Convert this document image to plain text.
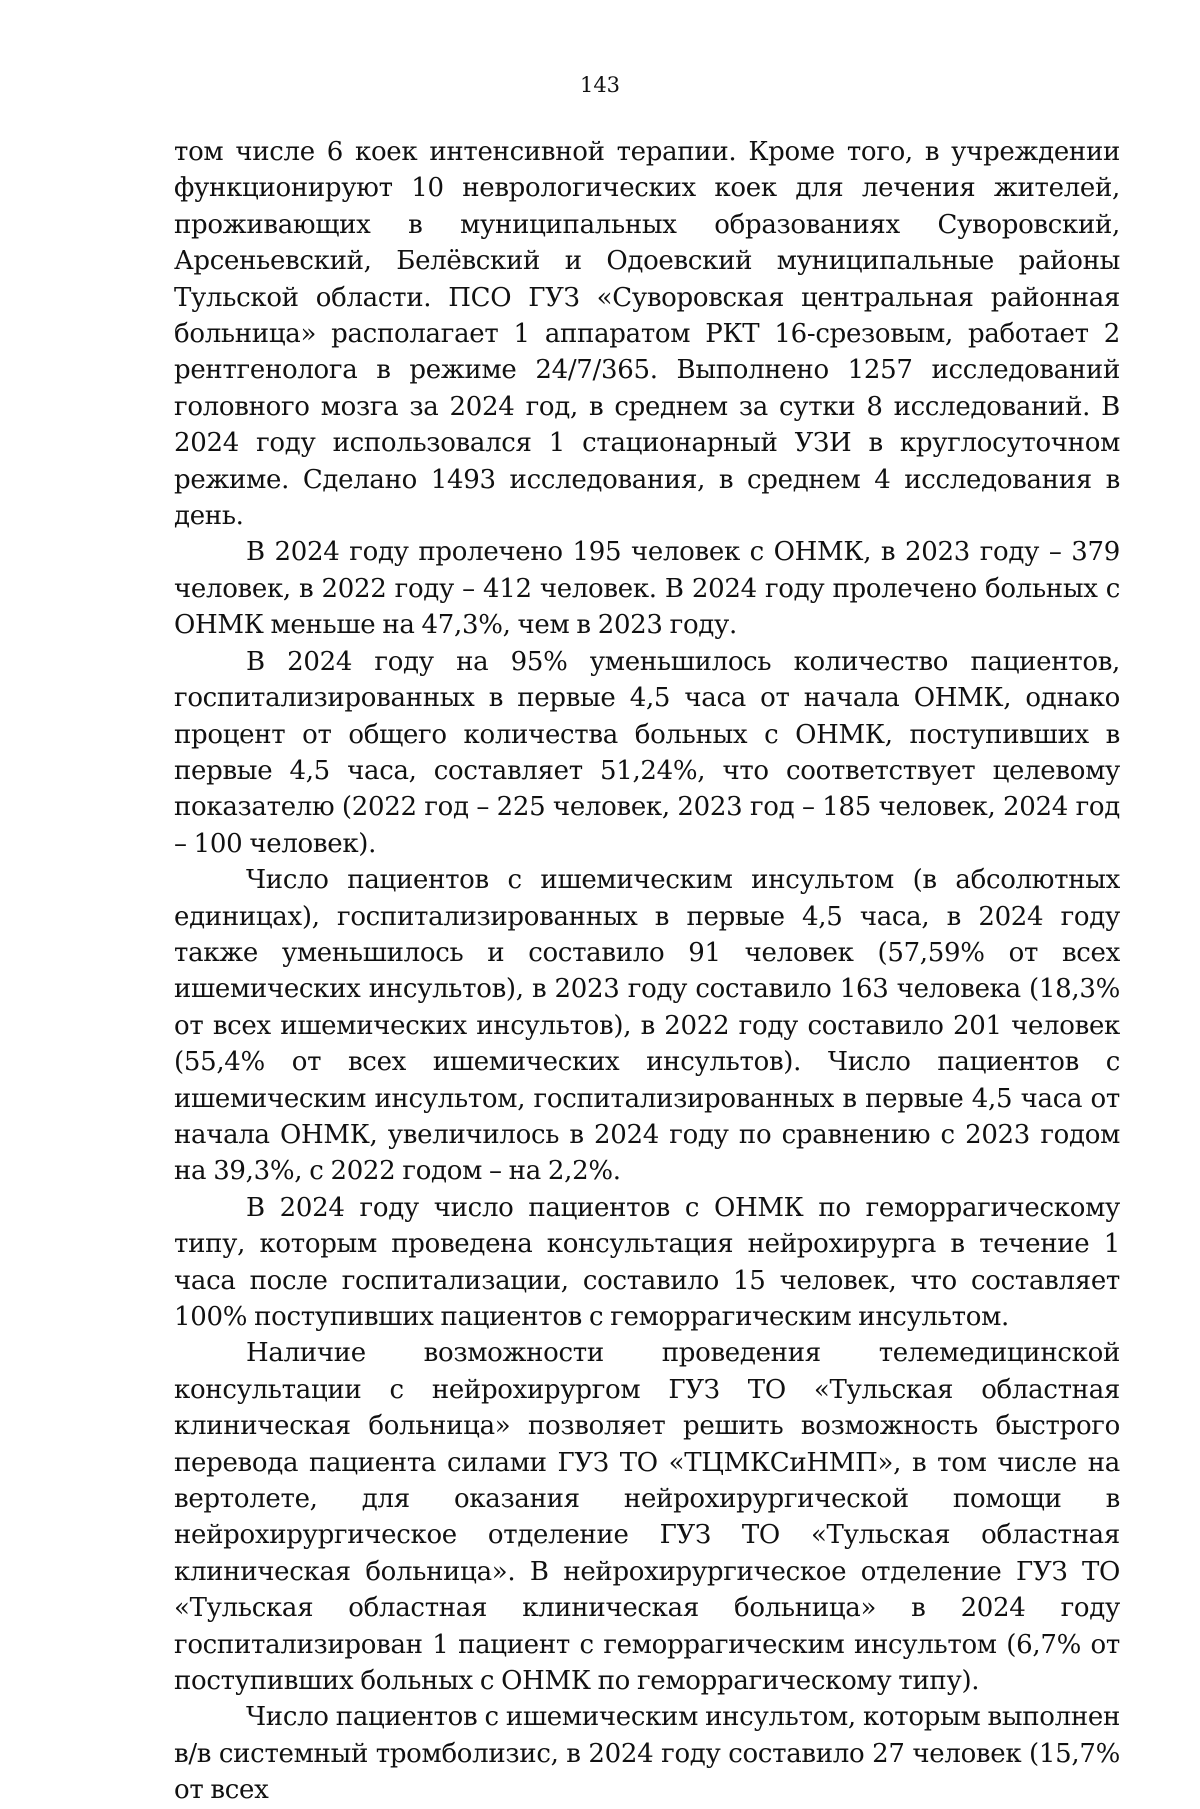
143

том числе 6 коек интенсивной терапии. Кроме того, в учреждении функционируют 10 неврологических коек для лечения жителей, проживающих в муниципальных образованиях Суворовский, Арсеньевский, Белёвский и Одоевский муниципальные районы Тульской области. ПСО ГУЗ «Суворовская центральная районная больница» располагает 1 аппаратом РКТ 16-срезовым, работает 2 рентгенолога в режиме 24/7/365. Выполнено 1257 исследований головного мозга за 2024 год, в среднем за сутки 8 исследований. В 2024 году использовался 1 стационарный УЗИ в круглосуточном режиме. Сделано 1493 исследования, в среднем 4 исследования в день.

В 2024 году пролечено 195 человек с ОНМК, в 2023 году – 379 человек, в 2022 году – 412 человек. В 2024 году пролечено больных с ОНМК меньше на 47,3%, чем в 2023 году.

В 2024 году на 95% уменьшилось количество пациентов, госпитализированных в первые 4,5 часа от начала ОНМК, однако процент от общего количества больных с ОНМК, поступивших в первые 4,5 часа, составляет 51,24%, что соответствует целевому показателю (2022 год – 225 человек, 2023 год – 185 человек, 2024 год – 100 человек).

Число пациентов с ишемическим инсультом (в абсолютных единицах), госпитализированных в первые 4,5 часа, в 2024 году также уменьшилось и составило 91 человек (57,59% от всех ишемических инсультов), в 2023 году составило 163 человека (18,3% от всех ишемических инсультов), в 2022 году составило 201 человек (55,4% от всех ишемических инсультов). Число пациентов с ишемическим инсультом, госпитализированных в первые 4,5 часа от начала ОНМК, увеличилось в 2024 году по сравнению с 2023 годом на 39,3%, с 2022 годом – на 2,2%.

В 2024 году число пациентов с ОНМК по геморрагическому типу, которым проведена консультация нейрохирурга в течение 1 часа после госпитализации, составило 15 человек, что составляет 100% поступивших пациентов с геморрагическим инсультом.

Наличие возможности проведения телемедицинской консультации с нейрохирургом ГУЗ ТО «Тульская областная клиническая больница» позволяет решить возможность быстрого перевода пациента силами ГУЗ ТО «ТЦМКСиНМП», в том числе на вертолете, для оказания нейрохирургической помощи в нейрохирургическое отделение ГУЗ ТО «Тульская областная клиническая больница». В нейрохирургическое отделение ГУЗ ТО «Тульская областная клиническая больница» в 2024 году госпитализирован 1 пациент с геморрагическим инсультом (6,7% от поступивших больных с ОНМК по геморрагическому типу).

Число пациентов с ишемическим инсультом, которым выполнен в/в системный тромболизис, в 2024 году составило 27 человек (15,7% от всех
